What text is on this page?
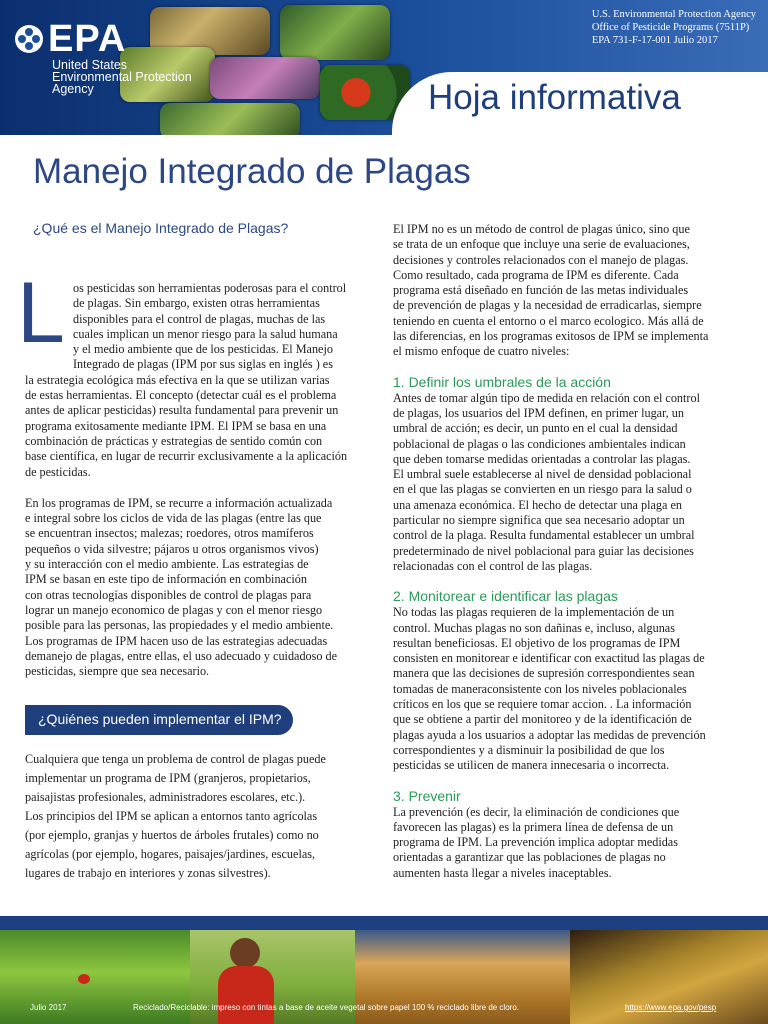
EPA
United States
Environmental Protection
Agency
U.S. Environmental Protection Agency
Office of Pesticide Programs (7511P)
EPA 731-F-17-001 Julio 2017
Hoja informativa
Manejo Integrado de Plagas
¿Qué es el Manejo Integrado de Plagas?
L os pesticidas son herramientas poderosas para el control

de plagas. Sin embargo, existen otras herramientas

disponibles para el control de plagas, muchas de las

cuales implican un menor riesgo para la salud humana

y el medio ambiente que de los pesticidas. El Manejo

Integrado de plagas (IPM por sus siglas en inglés ) es

la estrategia ecológica más efectiva en la que se utilizan varias

de estas herramientas. El concepto (detectar cuál es el problema

antes de aplicar pesticidas) resulta fundamental para prevenir un

programa exitosamente mediante IPM. El IPM se basa en una

combinación de prácticas y estrategias de sentido común con

base científica, en lugar de recurrir exclusivamente a la aplicación

de pesticidas.

En los programas de IPM, se recurre a información actualizada

e integral sobre los ciclos de vida de las plagas (entre las que

se encuentran insectos; malezas; roedores, otros mamíferos

pequeños o vida silvestre; pájaros u otros organismos vivos)

y su interacción con el medio ambiente. Las estrategias de

IPM se basan en este tipo de información en combinación

con otras tecnologías disponibles de control de plagas para

lograr un manejo economico de plagas y con el menor riesgo

posible para las personas, las propiedades y el medio ambiente.

Los programas de IPM hacen uso de las estrategias adecuadas

demanejo de plagas, entre ellas, el uso adecuado y cuidadoso de

pesticidas, siempre que sea necesario.

¿Quiénes pueden implementar el IPM?

Cualquiera que tenga un problema de control de plagas puede

implementar un programa de IPM (granjeros, propietarios,

paisajistas profesionales, administradores escolares, etc.).

Los principios del IPM se aplican a entornos tanto agrícolas

(por ejemplo, granjas y huertos de árboles frutales) como no

agrícolas (por ejemplo, hogares, paisajes/jardines, escuelas,

lugares de trabajo en interiores y zonas silvestres).

El IPM no es un método de control de plagas único, sino que

se trata de un enfoque que incluye una serie de evaluaciones,

decisiones y controles relacionados con el manejo de plagas.

Como resultado, cada programa de IPM es diferente. Cada

programa está diseñado en función de las metas individuales

de prevención de plagas y la necesidad de erradicarlas, siempre

teniendo en cuenta el entorno o el marco ecologico. Más allá de

las diferencias, en los programas exitosos de IPM se implementa

el mismo enfoque de cuatro niveles:

1. Definir los umbrales de la acción

Antes de tomar algún tipo de medida en relación con el control

de plagas, los usuarios del IPM definen, en primer lugar, un

umbral de acción; es decir, un punto en el cual la densidad

poblacional de plagas o las condiciones ambientales indican

que deben tomarse medidas orientadas a controlar las plagas.

El umbral suele establecerse al nivel de densidad poblacional

en el que las plagas se convierten en un riesgo para la salud o

una amenaza económica. El hecho de detectar una plaga en

particular no siempre significa que sea necesario adoptar un

control de la plaga. Resulta fundamental establecer un umbral

predeterminado de nivel poblacional para guiar las decisiones

relacionadas con el control de las plagas.

2. Monitorear e identificar las plagas

No todas las plagas requieren de la implementación de un

control. Muchas plagas no son dañinas e, incluso, algunas

resultan beneficiosas. El objetivo de los programas de IPM

consisten en monitorear e identificar con exactitud las plagas de

manera que las decisiones de supresión correspondientes sean

tomadas de maneraconsistente con los niveles poblacionales

críticos en los que se requiere tomar accion. . La información

que se obtiene a partir del monitoreo y de la identificación de

plagas ayuda a los usuarios a adoptar las medidas de prevención

correspondientes y a disminuir la posibilidad de que los

pesticidas se utilicen de manera innecesaria o incorrecta.

3. Prevenir

La prevención (es decir, la eliminación de condiciones que

favorecen las plagas) es la primera línea de defensa de un

programa de IPM. La prevención implica adoptar medidas

orientadas a garantizar que las poblaciones de plagas no

aumenten hasta llegar a niveles inaceptables.

Julio 2017	Reciclado/Reciclable: impreso con tintas a base de aceite vegetal sobre papel 100 % reciclado libre de cloro.	https://www.epa.gov/pesp
